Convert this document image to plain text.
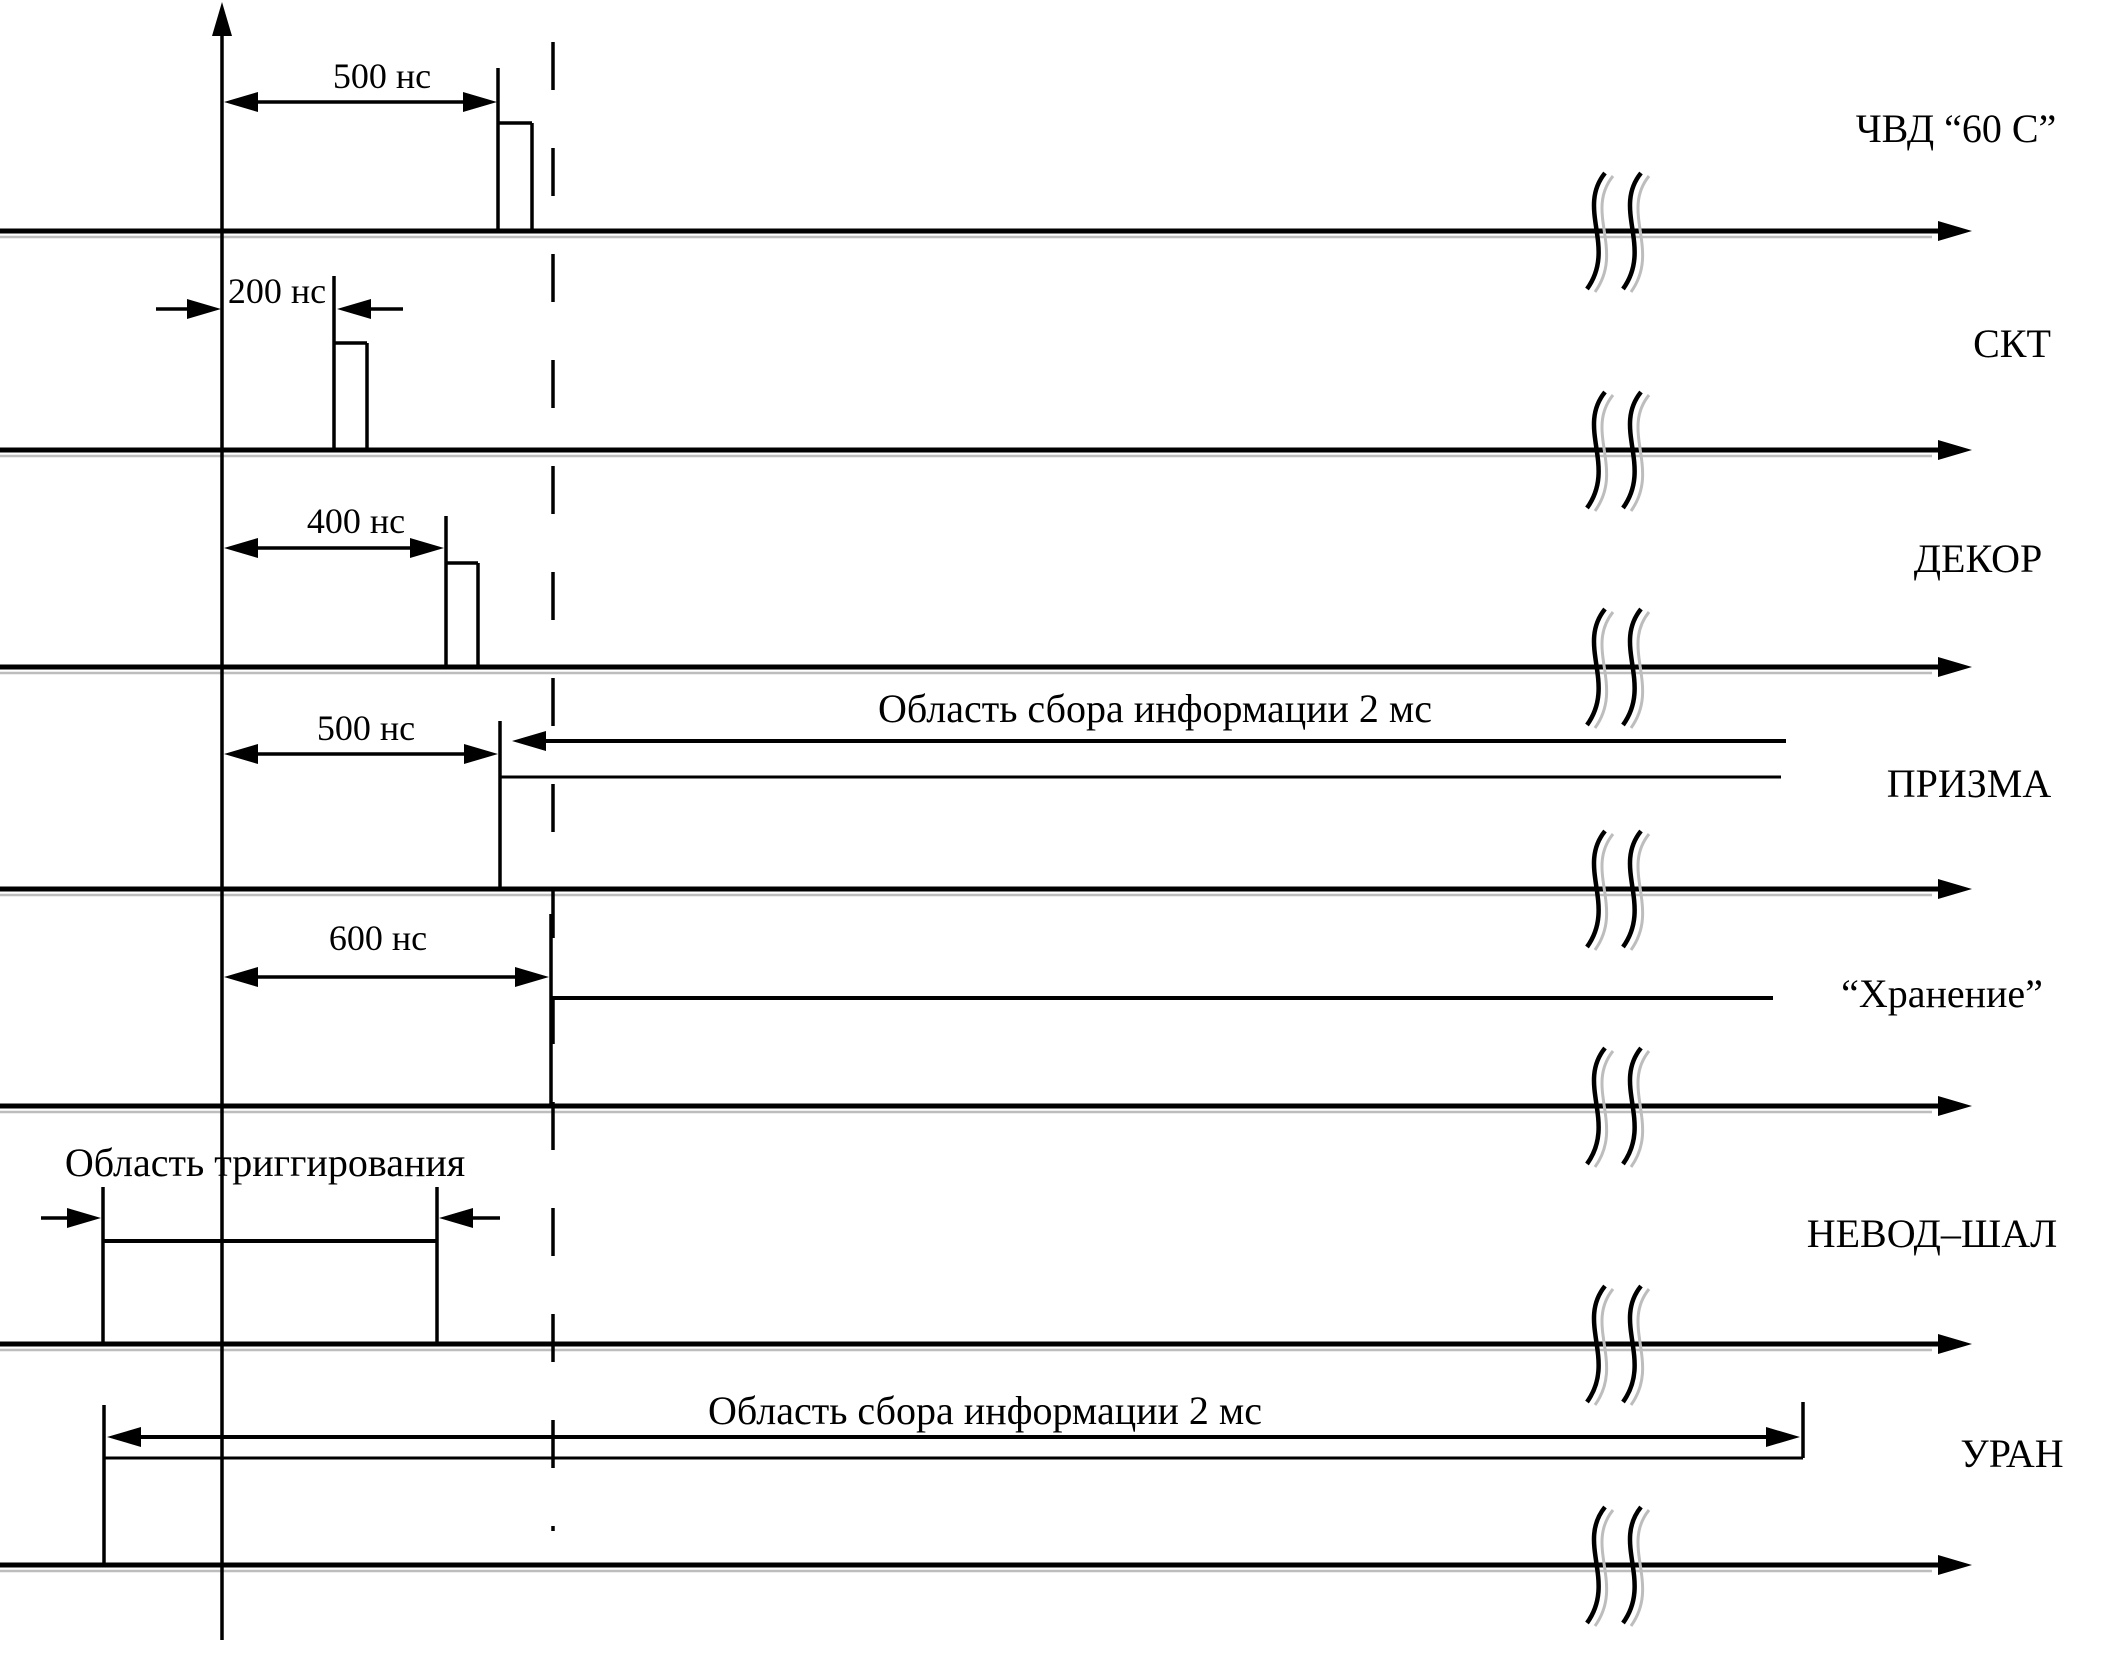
500 нс
ЧВД “60 С”
200 нс
СКТ
400 нс
ДЕКОР
500 нс	Область сбора информации 2 мс
ПРИЗМА
600 нс
“Хранение”
Область триггирования
НЕВОД–ШАЛ
Область сбора информации 2 мс
УРАН
